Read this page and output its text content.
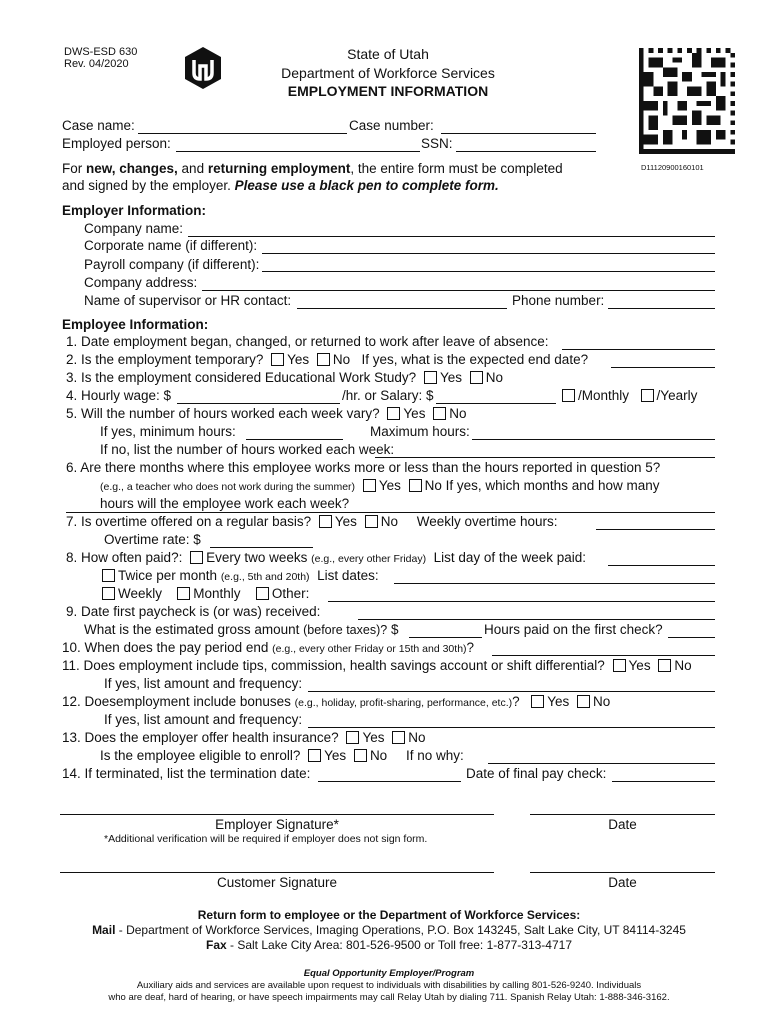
DWS-ESD 630
Rev. 04/2020
State of Utah
Department of Workforce Services
EMPLOYMENT INFORMATION
D11120900160101
Case name:	Case number:
Employed person:	SSN:
For new, changes, and returning employment, the entire form must be completed
and signed by the employer. Please use a black pen to complete form.
Employer Information:
Company name:
Corporate name (if different):
Payroll company (if different):
Company address:
Name of supervisor or HR contact:	Phone number:
Employee Information:
1. Date employment began, changed, or returned to work after leave of absence:
2. Is the employment temporary? Yes No If yes, what is the expected end date?
3. Is the employment considered Educational Work Study? Yes No
4. Hourly wage: $	/hr. or Salary: $	/Monthly /Yearly
5. Will the number of hours worked each week vary? Yes No
If yes, minimum hours:	Maximum hours:
If no, list the number of hours worked each week:
6. Are there months where this employee works more or less than the hours reported in question 5?
(e.g., a teacher who does not work during the summer) Yes No If yes, which months and how many
hours will the employee work each week?
7. Is overtime offered on a regular basis? Yes No Weekly overtime hours:
Overtime rate: $
8. How often paid?: Every two weeks (e.g., every other Friday) List day of the week paid:
Twice per month (e.g., 5th and 20th) List dates:
Weekly Monthly Other:
9. Date first paycheck is (or was) received:
What is the estimated gross amount (before taxes)? $	Hours paid on the first check?
10. When does the pay period end (e.g., every other Friday or 15th and 30th)?
11. Does employment include tips, commission, health savings account or shift differential? Yes No
If yes, list amount and frequency:
12. Doesemployment include bonuses (e.g., holiday, profit-sharing, performance, etc.)? Yes No
If yes, list amount and frequency:
13. Does the employer offer health insurance? Yes No
Is the employee eligible to enroll? Yes No If no why:
14. If terminated, list the termination date:	Date of final pay check:
Employer Signature*	Date
*Additional verification will be required if employer does not sign form.
Customer Signature	Date
Return form to employee or the Department of Workforce Services:
Mail - Department of Workforce Services, Imaging Operations, P.O. Box 143245, Salt Lake City, UT 84114-3245
Fax - Salt Lake City Area: 801-526-9500 or Toll free: 1-877-313-4717
Equal Opportunity Employer/Program
Auxiliary aids and services are available upon request to individuals with disabilities by calling 801-526-9240. Individuals
who are deaf, hard of hearing, or have speech impairments may call Relay Utah by dialing 711. Spanish Relay Utah: 1-888-346-3162.
